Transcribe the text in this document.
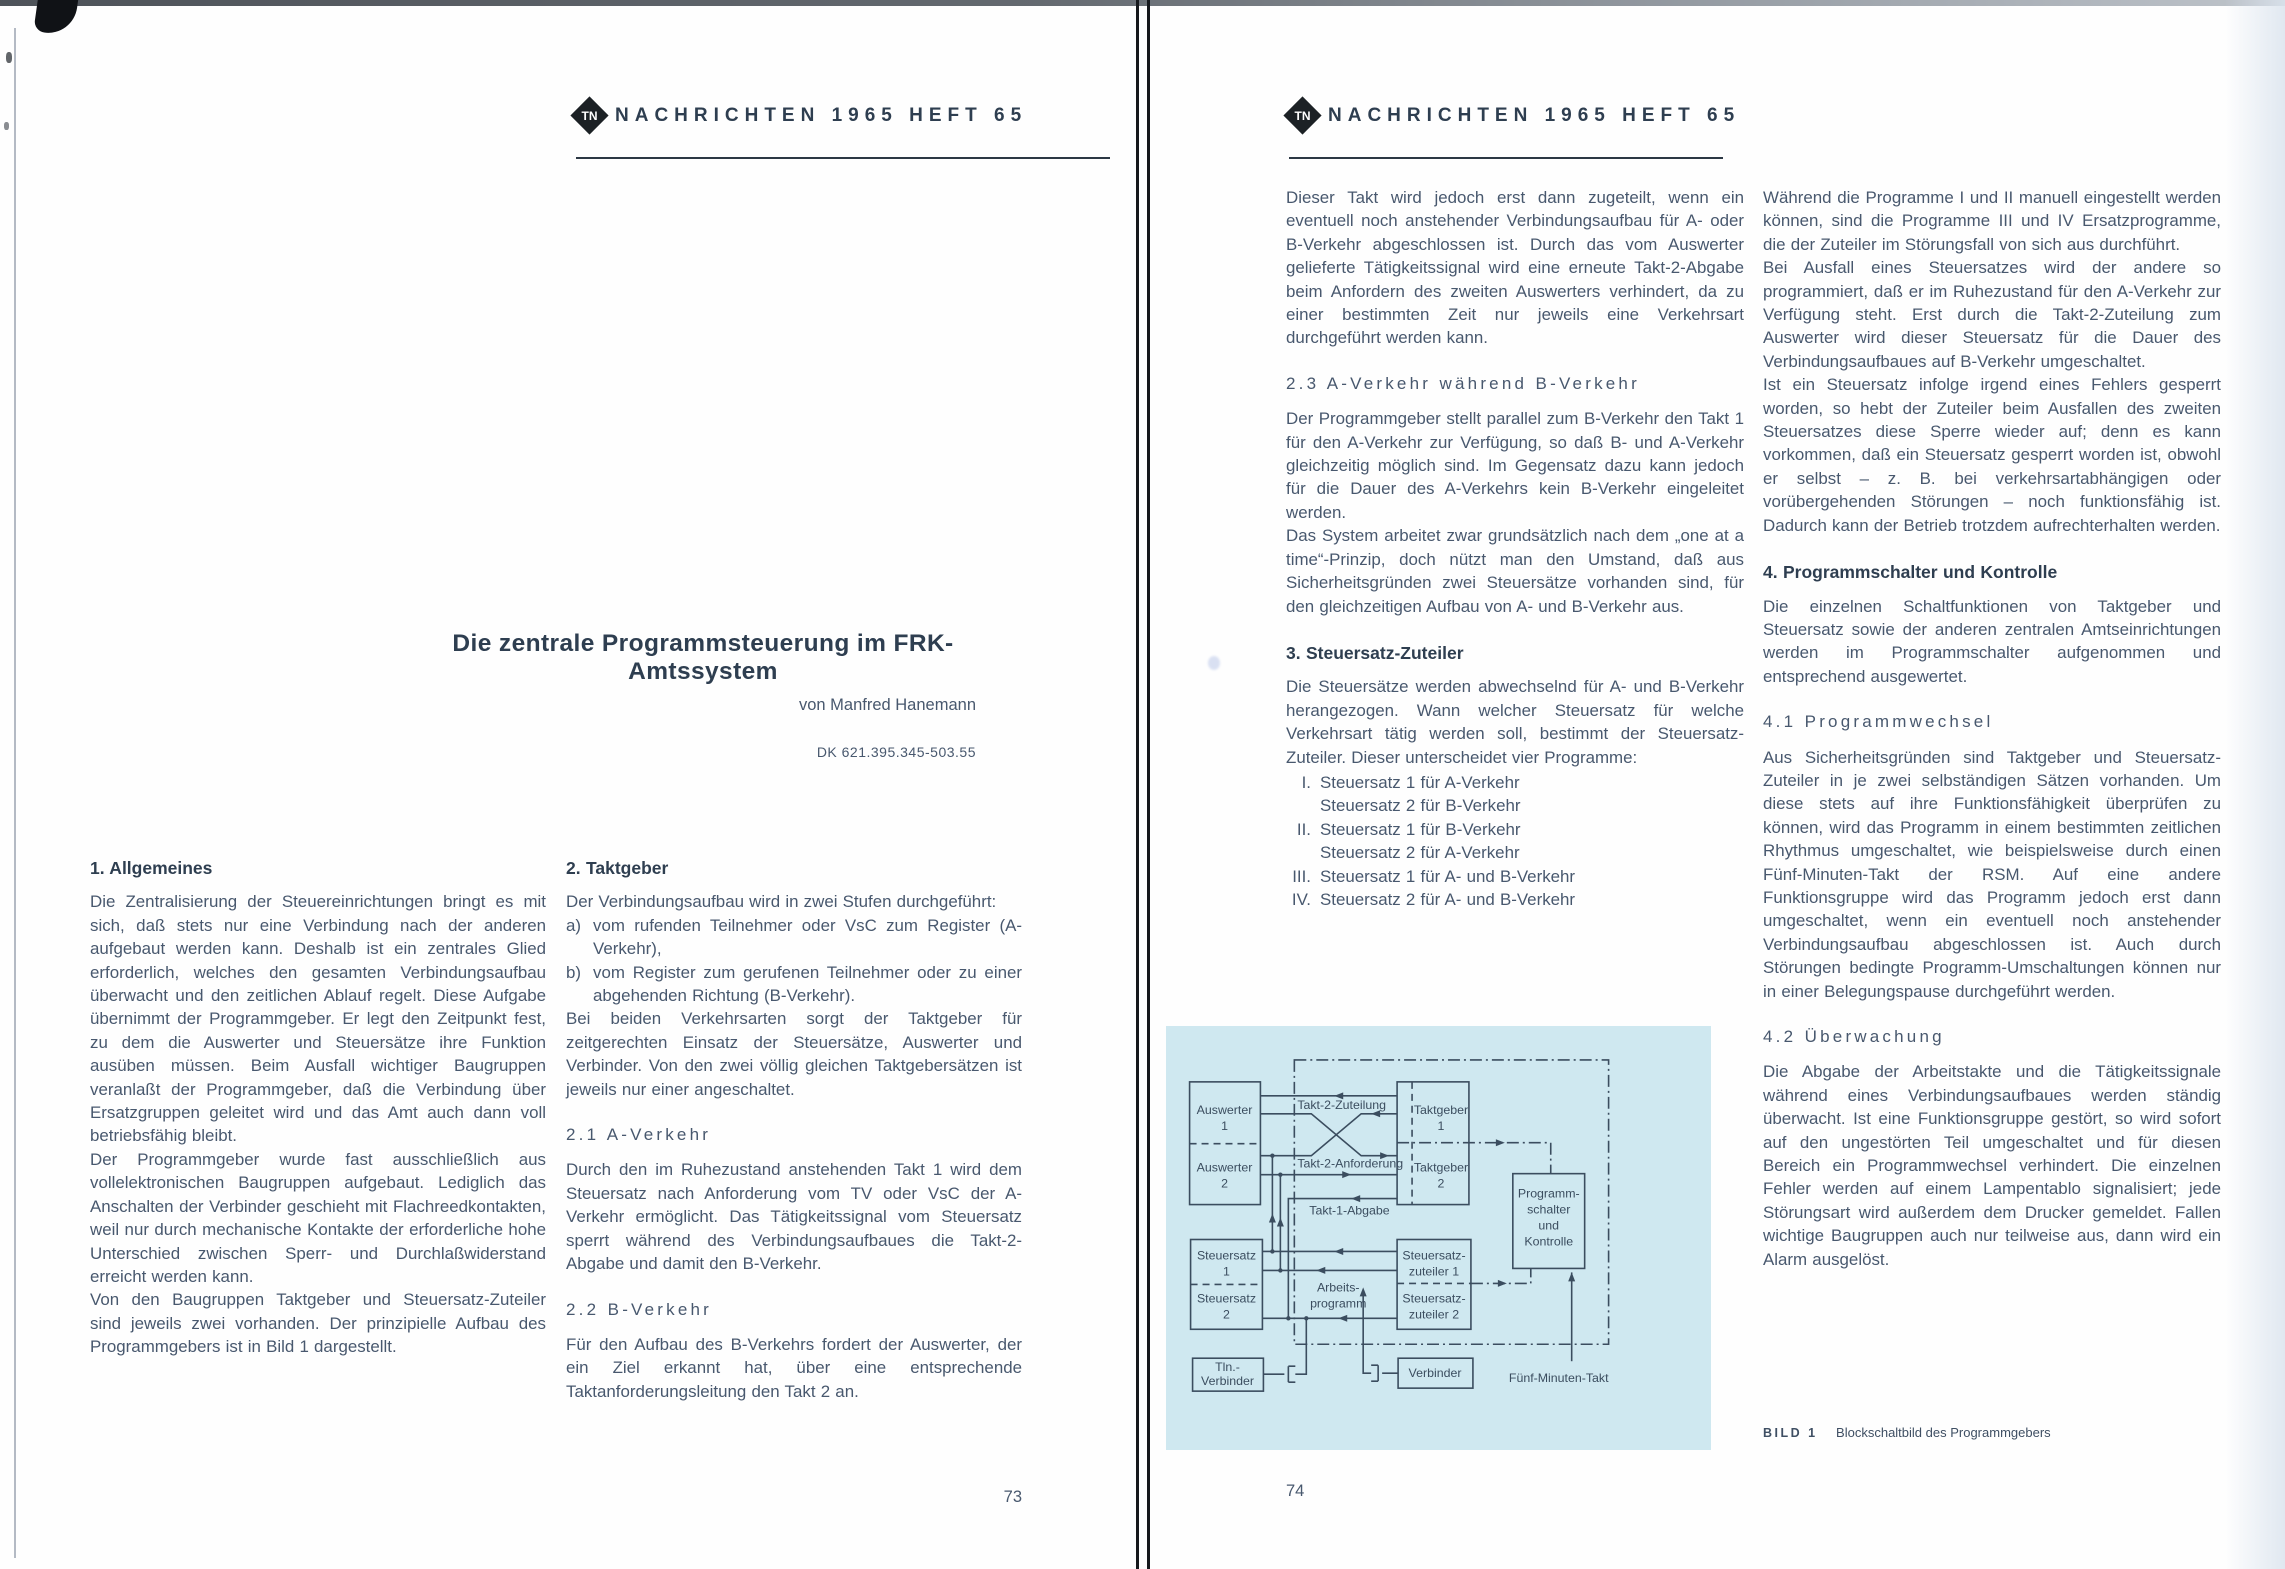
TN NACHRICHTEN 1965 HEFT 65	TN NACHRICHTEN 1965 HEFT 65
Die zentrale Programmsteuerung im FRK-Amtssystem
von Manfred Hanemann
DK 621.395.345-503.55
1. Allgemeines

Die Zentralisierung der Steuereinrichtungen bringt es mit sich, daß stets nur eine Verbindung nach der anderen aufgebaut werden kann. Deshalb ist ein zentrales Glied erforderlich, welches den gesamten Verbindungsaufbau überwacht und den zeitlichen Ablauf regelt. Diese Aufgabe übernimmt der Programmgeber. Er legt den Zeitpunkt fest, zu dem die Auswerter und Steuersätze ihre Funktion ausüben müssen. Beim Ausfall wichtiger Baugruppen veranlaßt der Programmgeber, daß die Verbindung über Ersatzgruppen geleitet wird und das Amt auch dann voll betriebsfähig bleibt.

Der Programmgeber wurde fast ausschließlich aus vollelektronischen Baugruppen aufgebaut. Lediglich das Anschalten der Verbinder geschieht mit Flachreedkontakten, weil nur durch mechanische Kontakte der erforderliche hohe Unterschied zwischen Sperr- und Durchlaßwiderstand erreicht werden kann.

Von den Baugruppen Taktgeber und Steuersatz-Zuteiler sind jeweils zwei vorhanden. Der prinzipielle Aufbau des Programmgebers ist in Bild 1 dargestellt.

2. Taktgeber

Der Verbindungsaufbau wird in zwei Stufen durchgeführt:

a) vom rufenden Teilnehmer oder VsC zum Register (A-Verkehr),
b) vom Register zum gerufenen Teilnehmer oder zu einer abgehenden Richtung (B-Verkehr).

Bei beiden Verkehrsarten sorgt der Taktgeber für zeitgerechten Einsatz der Steuersätze, Auswerter und Verbinder. Von den zwei völlig gleichen Taktgebersätzen ist jeweils nur einer angeschaltet.

2.1 A-Verkehr

Durch den im Ruhezustand anstehenden Takt 1 wird dem Steuersatz nach Anforderung vom TV oder VsC der A-Verkehr ermöglicht. Das Tätigkeitssignal vom Steuersatz sperrt während des Verbindungsaufbaues die Takt-2-Abgabe und damit den B-Verkehr.

2.2 B-Verkehr

Für den Aufbau des B-Verkehrs fordert der Auswerter, der ein Ziel erkannt hat, über eine entsprechende Taktanforderungsleitung den Takt 2 an.

73

Dieser Takt wird jedoch erst dann zugeteilt, wenn ein eventuell noch anstehender Verbindungsaufbau für A- oder B-Verkehr abgeschlossen ist. Durch das vom Auswerter gelieferte Tätigkeitssignal wird eine erneute Takt-2-Abgabe beim Anfordern des zweiten Auswerters verhindert, da zu einer bestimmten Zeit nur jeweils eine Verkehrsart durchgeführt werden kann.

2.3 A-Verkehr während B-Verkehr

Der Programmgeber stellt parallel zum B-Verkehr den Takt 1 für den A-Verkehr zur Verfügung, so daß B- und A-Verkehr gleichzeitig möglich sind. Im Gegensatz dazu kann jedoch für die Dauer des A-Verkehrs kein B-Verkehr eingeleitet werden.

Das System arbeitet zwar grundsätzlich nach dem „one at a time“-Prinzip, doch nützt man den Umstand, daß aus Sicherheitsgründen zwei Steuersätze vorhanden sind, für den gleichzeitigen Aufbau von A- und B-Verkehr aus.

3. Steuersatz-Zuteiler

Die Steuersätze werden abwechselnd für A- und B-Verkehr herangezogen. Wann welcher Steuersatz für welche Verkehrsart tätig werden soll, bestimmt der Steuersatz-Zuteiler. Dieser unterscheidet vier Programme:

I. Steuersatz 1 für A-Verkehr
Steuersatz 2 für B-Verkehr
II. Steuersatz 1 für B-Verkehr
Steuersatz 2 für A-Verkehr
III. Steuersatz 1 für A- und B-Verkehr
IV. Steuersatz 2 für A- und B-Verkehr

Während die Programme I und II manuell eingestellt werden können, sind die Programme III und IV Ersatzprogramme, die der Zuteiler im Störungsfall von sich aus durchführt.

Bei Ausfall eines Steuersatzes wird der andere so programmiert, daß er im Ruhezustand für den A-Verkehr zur Verfügung steht. Erst durch die Takt-2-Zuteilung zum Auswerter wird dieser Steuersatz für die Dauer des Verbindungsaufbaues auf B-Verkehr umgeschaltet.

Ist ein Steuersatz infolge irgend eines Fehlers gesperrt worden, so hebt der Zuteiler beim Ausfallen des zweiten Steuersatzes diese Sperre wieder auf; denn es kann vorkommen, daß ein Steuersatz gesperrt worden ist, obwohl er selbst – z. B. bei verkehrsartabhängigen oder vorübergehenden Störungen – noch funktionsfähig ist. Dadurch kann der Betrieb trotzdem aufrechterhalten werden.

4. Programmschalter und Kontrolle

Die einzelnen Schaltfunktionen von Taktgeber und Steuersatz sowie der anderen zentralen Amtseinrichtungen werden im Programmschalter aufgenommen und entsprechend ausgewertet.

4.1 Programmwechsel

Aus Sicherheitsgründen sind Taktgeber und Steuersatz-Zuteiler in je zwei selbständigen Sätzen vorhanden. Um diese stets auf ihre Funktionsfähigkeit überprüfen zu können, wird das Programm in einem bestimmten zeitlichen Rhythmus umgeschaltet, wie beispielsweise durch einen Fünf-Minuten-Takt der RSM. Auf eine andere Funktionsgruppe wird das Programm jedoch erst dann umgeschaltet, wenn ein eventuell noch anstehender Verbindungsaufbau abgeschlossen ist. Auch durch Störungen bedingte Programm-Umschaltungen können nur in einer Belegungspause durchgeführt werden.

4.2 Überwachung

Die Abgabe der Arbeitstakte und die Tätigkeitssignale während eines Verbindungsaufbaues werden ständig überwacht. Ist eine Funktionsgruppe gestört, so wird sofort auf den ungestörten Teil umgeschaltet und für diesen Bereich ein Programmwechsel verhindert. Die einzelnen Fehler werden auf einem Lampentablo signalisiert; jede Störungsart wird außerdem dem Drucker gemeldet. Fallen wichtige Baugruppen auch nur teilweise aus, dann wird ein Alarm ausgelöst.

Auswerter
1
Auswerter
2
Taktgeber
1
Taktgeber
2
Programm-
schalter
und
Kontrolle
Steuersatz
1
Steuersatz
2
Steuersatz-
zuteiler 1
Steuersatz-
zuteiler 2
Tln.-
Verbinder
Verbinder
Takt-2-Zuteilung
Takt-2-Anforderung
Takt-1-Abgabe
Arbeits-
programm
Fünf-Minuten-Takt
BILD 1 Blockschaltbild des Programmgebers
74
